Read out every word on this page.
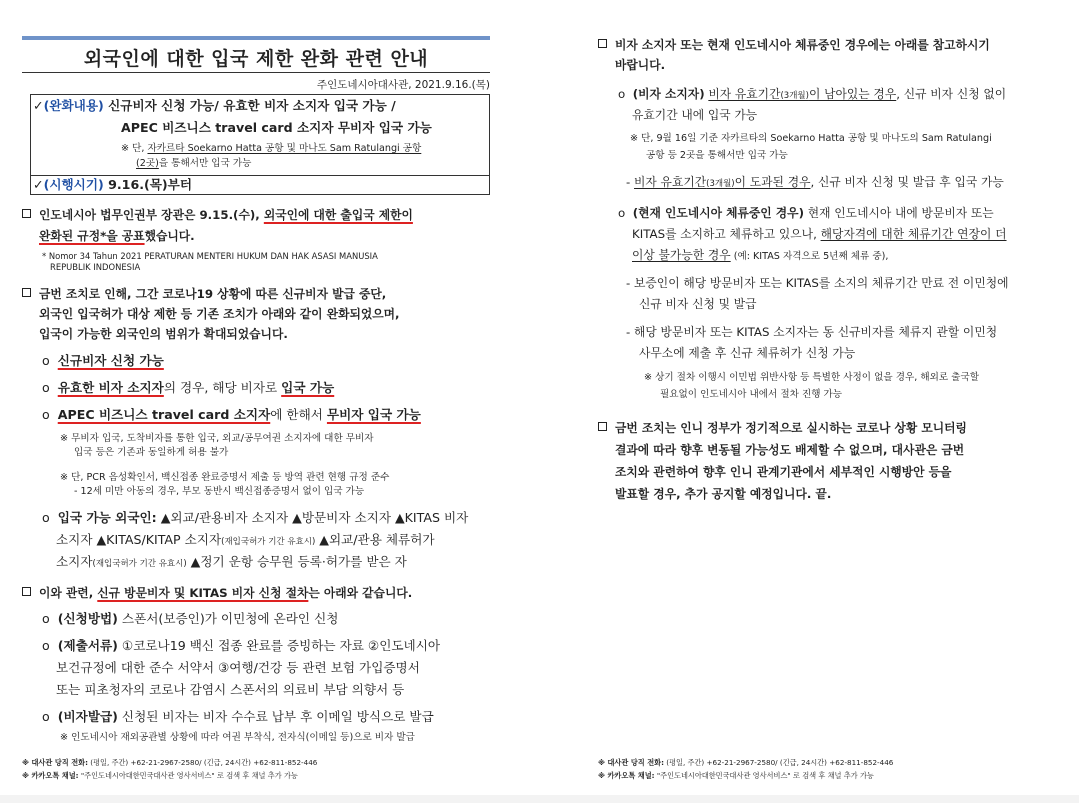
외국인에 대한 입국 제한 완화 관련 안내
주인도네시아대사관, 2021.9.16.(목)
✓(완화내용) 신규비자 신청 가능/ 유효한 비자 소지자 입국 가능 /
APEC 비즈니스 travel card 소지자 무비자 입국 가능
※ 단, 자카르타 Soekarno Hatta 공항 및 마나도 Sam Ratulangi 공항
(2곳)을 통해서만 입국 가능
✓(시행시기) 9.16.(목)부터
인도네시아 법무인권부 장관은 9.15.(수), 외국인에 대한 출입국 제한이
완화된 규정*을 공표했습니다.
* Nomor 34 Tahun 2021 PERATURAN MENTERI HUKUM DAN HAK ASASI MANUSIA
REPUBLIK INDONESIA
금번 조치로 인해, 그간 코로나19 상황에 따른 신규비자 발급 중단,
외국인 입국허가 대상 제한 등 기존 조치가 아래와 같이 완화되었으며,
입국이 가능한 외국인의 범위가 확대되었습니다.
o 신규비자 신청 가능
o 유효한 비자 소지자의 경우, 해당 비자로 입국 가능
o APEC 비즈니스 travel card 소지자에 한해서 무비자 입국 가능
※ 무비자 입국, 도착비자를 통한 입국, 외교/공무여권 소지자에 대한 무비자
입국 등은 기존과 동일하게 허용 불가
※ 단, PCR 음성확인서, 백신접종 완료증명서 제출 등 방역 관련 현행 규정 준수
- 12세 미만 아동의 경우, 부모 동반시 백신접종증명서 없이 입국 가능
o 입국 가능 외국인: ▲외교/관용비자 소지자 ▲방문비자 소지자 ▲KITAS 비자
소지자 ▲KITAS/KITAP 소지자(재입국허가 기간 유효시) ▲외교/관용 체류허가
소지자(재입국허가 기간 유효시) ▲정기 운항 승무원 등록·허가를 받은 자
이와 관련, 신규 방문비자 및 KITAS 비자 신청 절차는 아래와 같습니다.
o (신청방법) 스폰서(보증인)가 이민청에 온라인 신청
o (제출서류) ①코로나19 백신 접종 완료를 증빙하는 자료 ②인도네시아
보건규정에 대한 준수 서약서 ③여행/건강 등 관련 보험 가입증명서
또는 피초청자의 코로나 감염시 스폰서의 의료비 부담 의향서 등
o (비자발급) 신청된 비자는 비자 수수료 납부 후 이메일 방식으로 발급
※ 인도네시아 재외공관별 상황에 따라 여권 부착식, 전자식(이메일 등)으로 비자 발급
※ 대사관 당직 전화: (평일, 주간) +62-21-2967-2580/ (긴급, 24시간) +62-811-852-446
※ 카카오톡 채널: "주인도네시아대한민국대사관 영사서비스" 로 검색 후 채널 추가 가능
비자 소지자 또는 현재 인도네시아 체류중인 경우에는 아래를 참고하시기
바랍니다.
o (비자 소지자) 비자 유효기간(3개월)이 남아있는 경우, 신규 비자 신청 없이
유효기간 내에 입국 가능
※ 단, 9월 16일 기준 자카르타의 Soekarno Hatta 공항 및 마나도의 Sam Ratulangi
공항 등 2곳을 통해서만 입국 가능
- 비자 유효기간(3개월)이 도과된 경우, 신규 비자 신청 및 발급 후 입국 가능
o (현재 인도네시아 체류중인 경우) 현재 인도네시아 내에 방문비자 또는
KITAS를 소지하고 체류하고 있으나, 해당자격에 대한 체류기간 연장이 더
이상 불가능한 경우 (예: KITAS 자격으로 5년째 체류 중),
- 보증인이 해당 방문비자 또는 KITAS를 소지의 체류기간 만료 전 이민청에
신규 비자 신청 및 발급
- 해당 방문비자 또는 KITAS 소지자는 동 신규비자를 체류지 관할 이민청
사무소에 제출 후 신규 체류허가 신청 가능
※ 상기 절차 이행시 이민법 위반사항 등 특별한 사정이 없을 경우, 해외로 출국할
필요없이 인도네시아 내에서 절차 진행 가능
금번 조치는 인니 정부가 정기적으로 실시하는 코로나 상황 모니터링
결과에 따라 향후 변동될 가능성도 배제할 수 없으며, 대사관은 금번
조치와 관련하여 향후 인니 관계기관에서 세부적인 시행방안 등을
발표할 경우, 추가 공지할 예정입니다. 끝.
※ 대사관 당직 전화: (평일, 주간) +62-21-2967-2580/ (긴급, 24시간) +62-811-852-446
※ 카카오톡 채널: "주인도네시아대한민국대사관 영사서비스" 로 검색 후 채널 추가 가능
